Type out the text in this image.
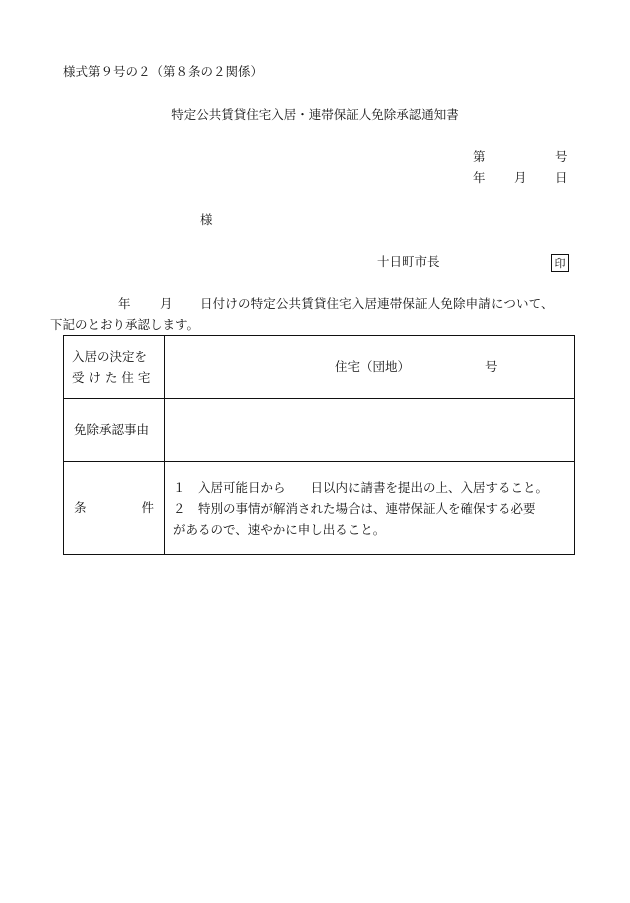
様式第９号の２（第８条の２関係）
特定公共賃貸住宅入居・連帯保証人免除承認通知書
第	号
年 月 日
様
十日町市長	印
年 月 日付けの特定公共賃貸住宅入居連帯保証人免除申請について、
下記のとおり承認します。
入居の決定を
受 け た 住 宅	住宅（団地） 号

免除承認事由	

条 件	１　入居可能日から　　日以内に請書を提出の上、入居すること。
２　特別の事情が解消された場合は、連帯保証人を確保する必要
があるので、速やかに申し出ること。
